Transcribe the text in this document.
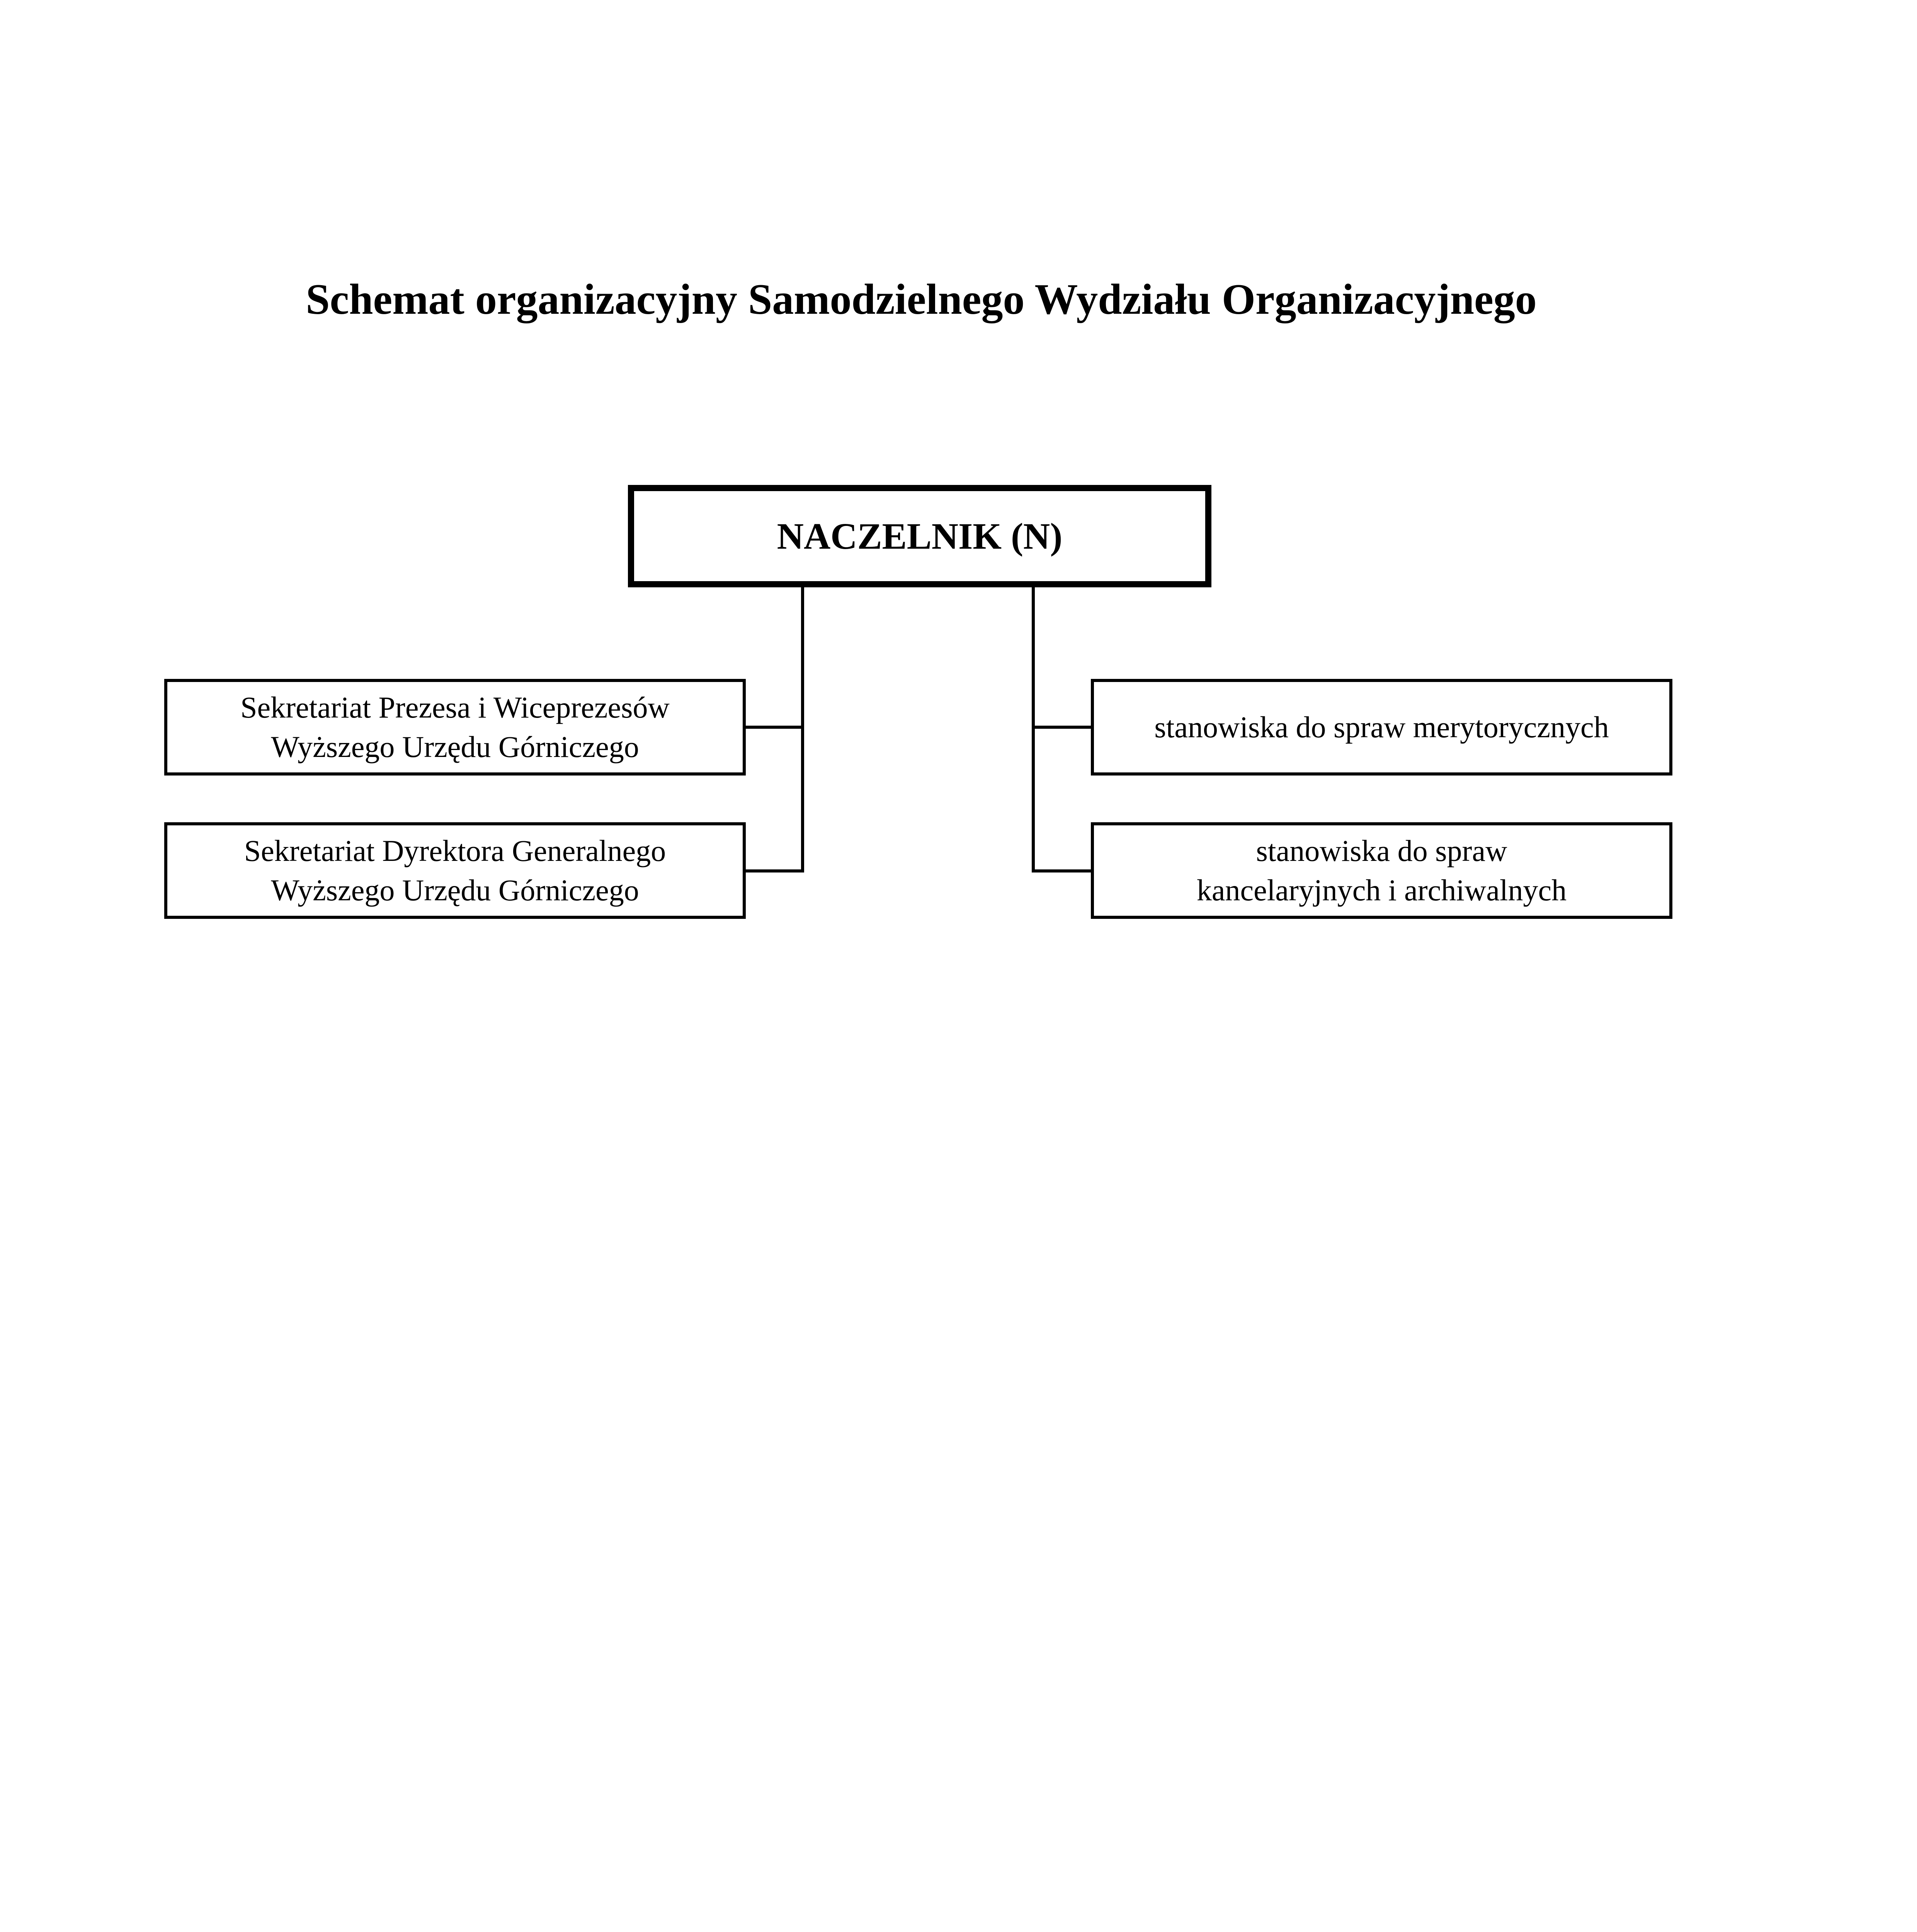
Schemat organizacyjny Samodzielnego Wydziału Organizacyjnego
NACZELNIK (N)
Sekretariat Prezesa i Wiceprezesów
Wyższego Urzędu Górniczego
Sekretariat Dyrektora Generalnego
Wyższego Urzędu Górniczego
stanowiska do spraw merytorycznych
stanowiska do spraw
kancelaryjnych i archiwalnych
